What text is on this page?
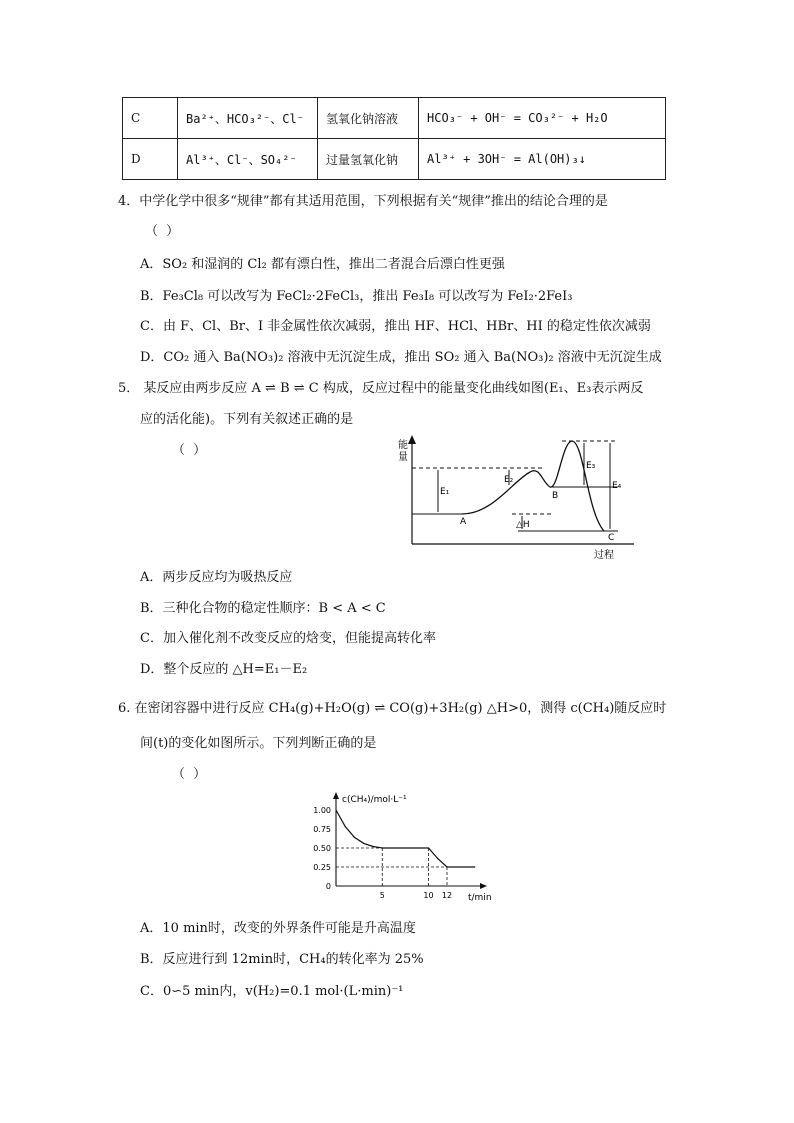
C	Ba²⁺、HCO₃²⁻、Cl⁻	氢氧化钠溶液	HCO₃⁻ + OH⁻ = CO₃²⁻ + H₂O
D	Al³⁺、Cl⁻、SO₄²⁻	过量氢氧化钠	Al³⁺ + 3OH⁻ = Al(OH)₃↓
4．中学化学中很多“规律”都有其适用范围，下列根据有关“规律”推出的结论合理的是
（ ）
A．SO₂ 和湿润的 Cl₂ 都有漂白性，推出二者混合后漂白性更强
B．Fe₃Cl₈ 可以改写为 FeCl₂·2FeCl₃，推出 Fe₃I₈ 可以改写为 FeI₂·2FeI₃
C．由 F、Cl、Br、I 非金属性依次减弱，推出 HF、HCl、HBr、HI 的稳定性依次减弱
D．CO₂ 通入 Ba(NO₃)₂ 溶液中无沉淀生成，推出 SO₂ 通入 Ba(NO₃)₂ 溶液中无沉淀生成
5． 某反应由两步反应 A ⇌ B ⇌ C 构成，反应过程中的能量变化曲线如图(E₁、E₃表示两反
应的活化能)。下列有关叙述正确的是
（ ）	能
量
过程
E₁
E₂
E₃
E₄
A
B
C
△H
A．两步反应均为吸热反应
B．三种化合物的稳定性顺序：B < A < C
C．加入催化剂不改变反应的焓变，但能提高转化率
D．整个反应的 △H=E₁－E₂
6. 在密闭容器中进行反应 CH₄(g)+H₂O(g) ⇌ CO(g)+3H₂(g) △H>0，测得 c(CH₄)随反应时
间(t)的变化如图所示。下列判断正确的是
（ ）
c(CH₄)/mol·L⁻¹
t/min
1.00
0.75
0.50
0.25
0
5	10 12
A．10 min时，改变的外界条件可能是升高温度
B．反应进行到 12min时，CH₄的转化率为 25%
C．0∽5 min内，v(H₂)=0.1 mol·(L·min)⁻¹
